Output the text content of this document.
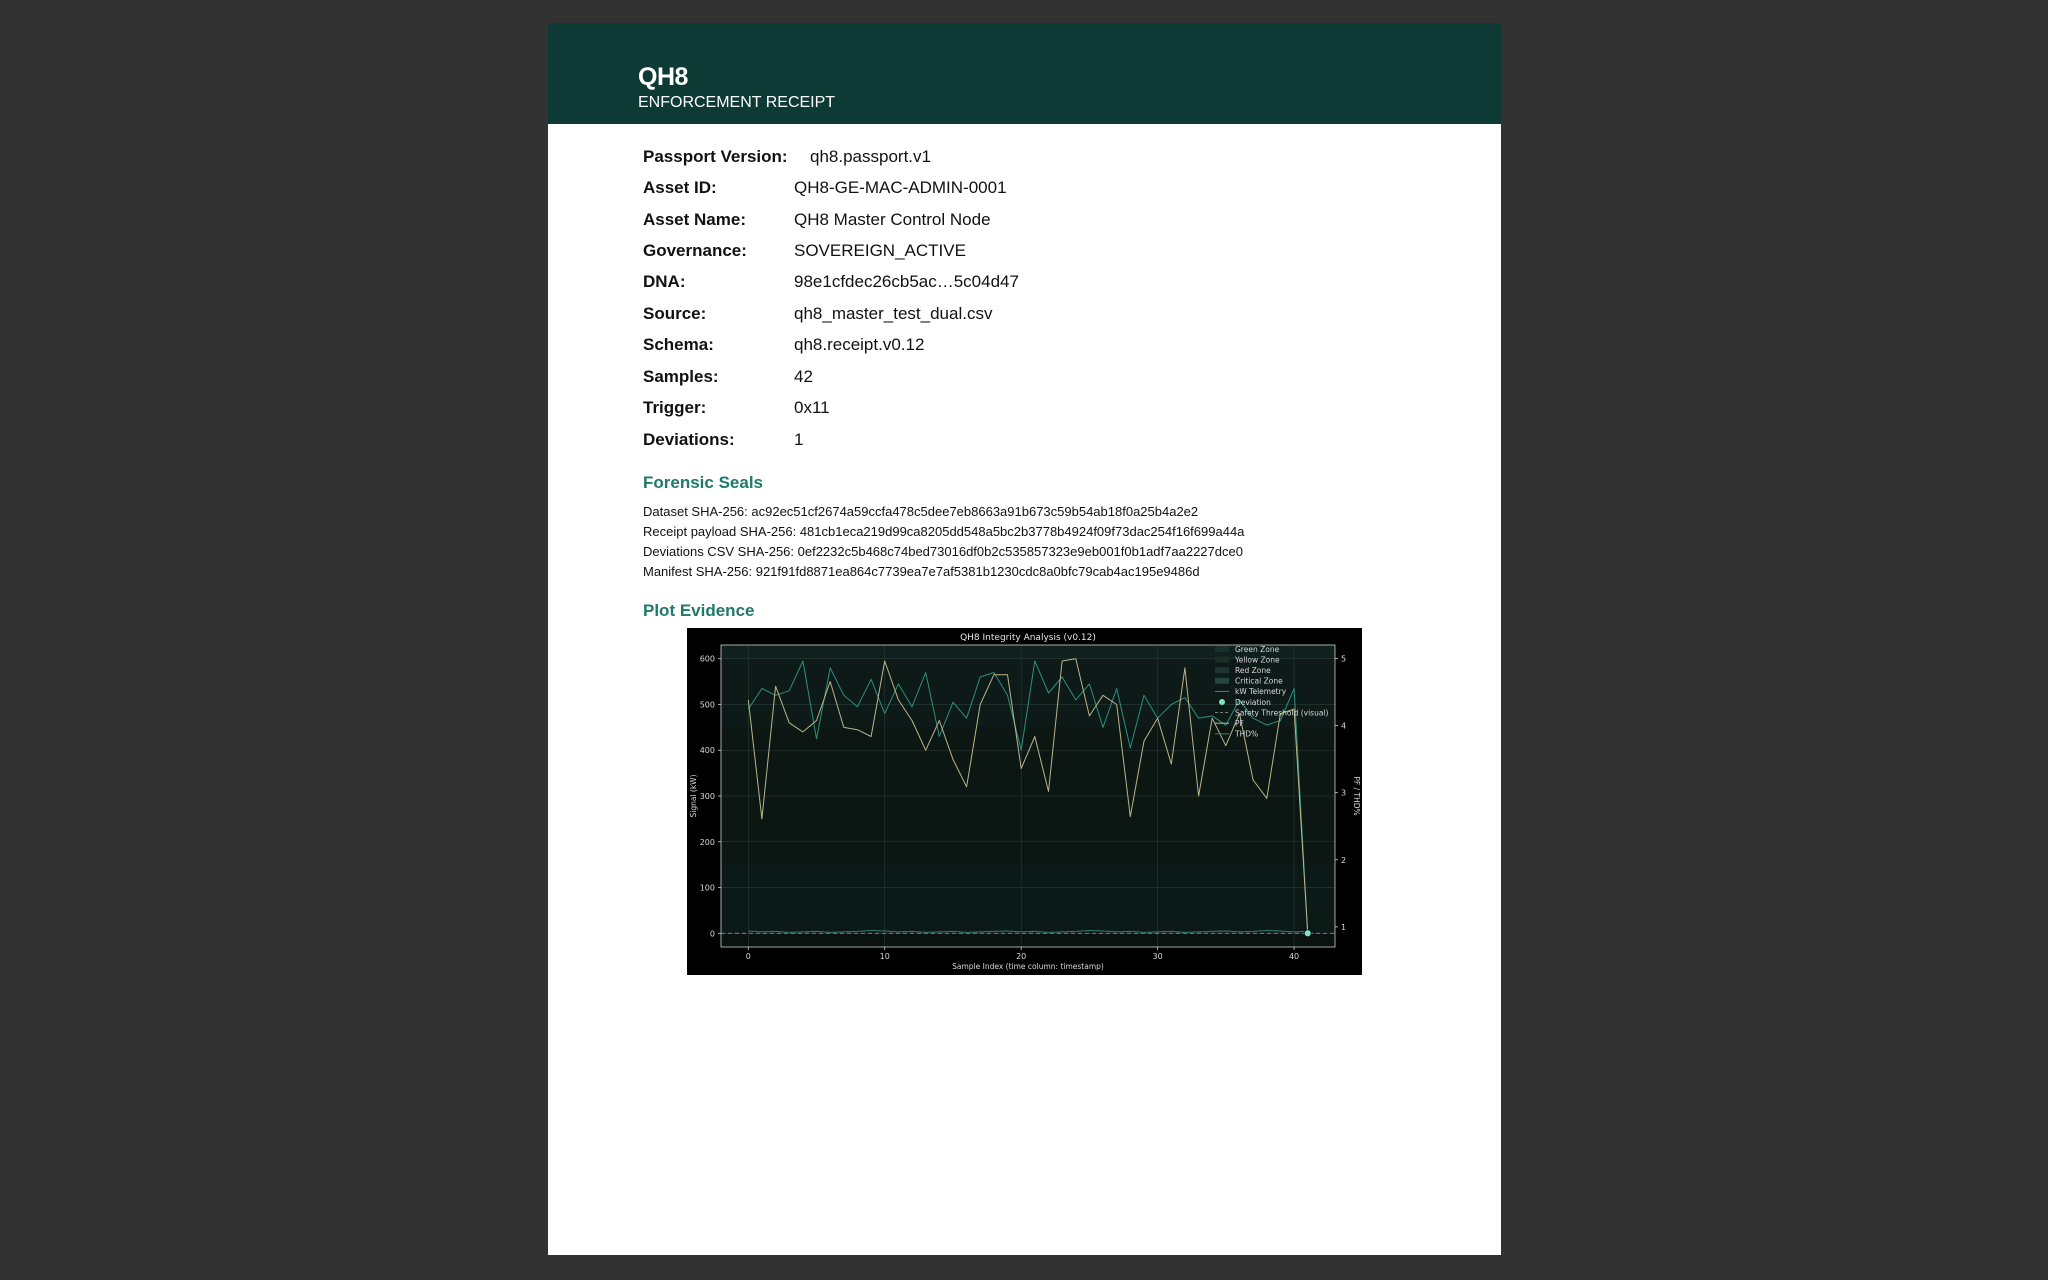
QH8
ENFORCEMENT RECEIPT
Passport Version: qh8.passport.v1
Asset ID:	QH8-GE-MAC-ADMIN-0001
Asset Name:	QH8 Master Control Node
Governance:	SOVEREIGN_ACTIVE
DNA:	98e1cfdec26cb5ac…5c04d47
Source:	qh8_master_test_dual.csv
Schema:	qh8.receipt.v0.12
Samples:	42
Trigger:	0x11
Deviations:	1
Forensic Seals
Dataset SHA-256: ac92ec51cf2674a59ccfa478c5dee7eb8663a91b673c59b54ab18f0a25b4a2e2
Receipt payload SHA-256: 481cb1eca219d99ca8205dd548a5bc2b3778b4924f09f73dac254f16f699a44a
Deviations CSV SHA-256: 0ef2232c5b468c74bed73016df0b2c535857323e9eb001f0b1adf7aa2227dce0
Manifest SHA-256: 921f91fd8871ea864c7739ea7e7af5381b1230cdc8a0bfc79cab4ac195e9486d
Plot Evidence
0	10	20	30	40
0
100
200
300
400
500
600
1
2
3
4
5
QH8 Integrity Analysis (v0.12)
Sample Index (time column: timestamp)
Signal (kW)	PF / THD%
Green Zone
Yellow Zone
Red Zone
Critical Zone
kW Telemetry
Deviation
Safety Threshold (visual)
PF
THD%
